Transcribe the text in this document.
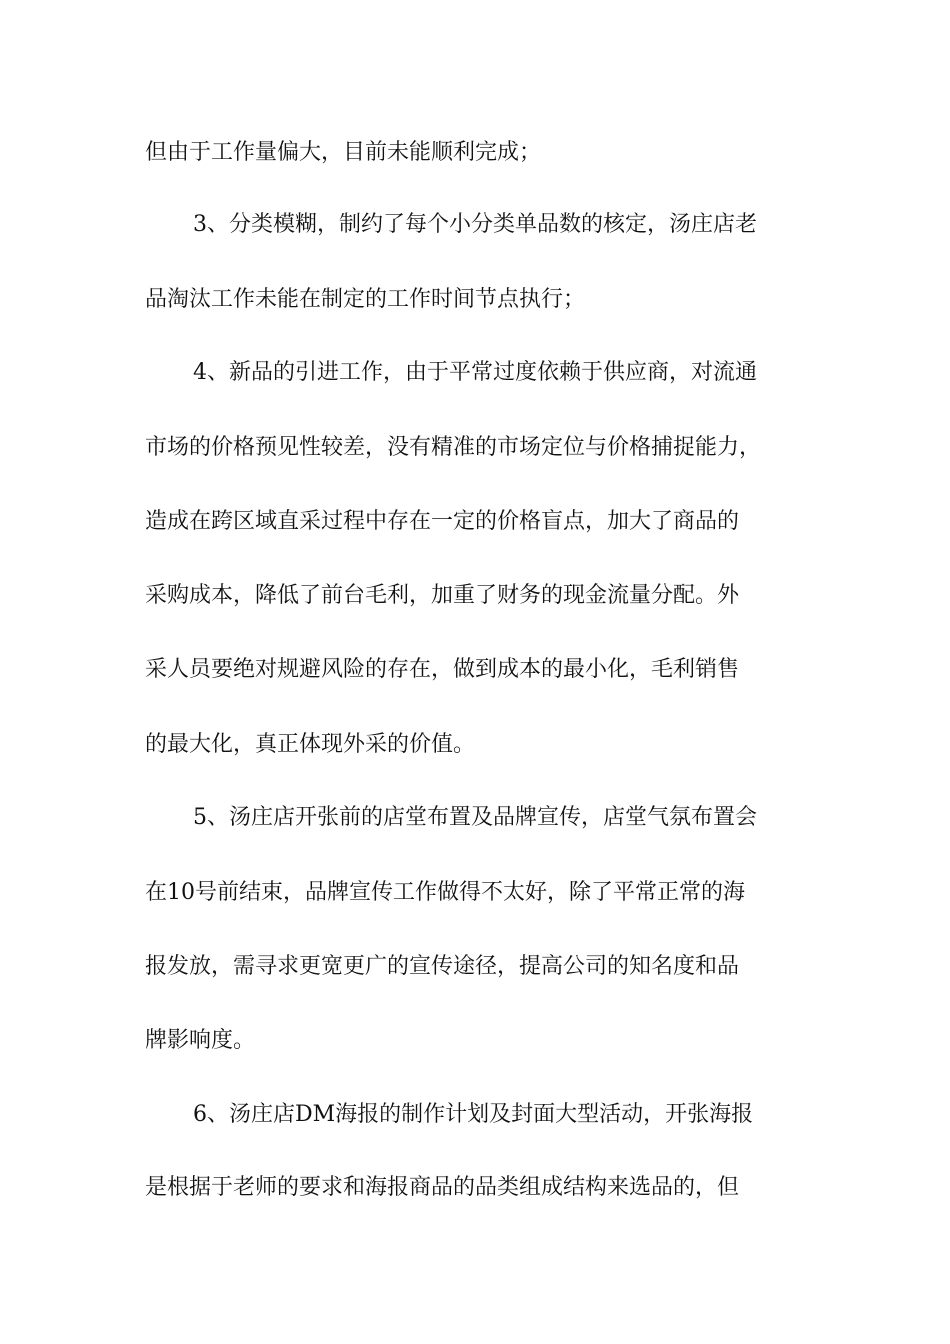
但由于工作量偏大，目前未能顺利完成；
3、分类模糊，制约了每个小分类单品数的核定，汤庄店老
品淘汰工作未能在制定的工作时间节点执行；
4、新品的引进工作，由于平常过度依赖于供应商，对流通
市场的价格预见性较差，没有精准的市场定位与价格捕捉能力，
造成在跨区域直采过程中存在一定的价格盲点，加大了商品的
采购成本，降低了前台毛利，加重了财务的现金流量分配。外
采人员要绝对规避风险的存在，做到成本的最小化，毛利销售
的最大化，真正体现外采的价值。
5、汤庄店开张前的店堂布置及品牌宣传，店堂气氛布置会
在10号前结束，品牌宣传工作做得不太好，除了平常正常的海
报发放，需寻求更宽更广的宣传途径，提高公司的知名度和品
牌影响度。
6、汤庄店DM海报的制作计划及封面大型活动，开张海报
是根据于老师的要求和海报商品的品类组成结构来选品的，但
